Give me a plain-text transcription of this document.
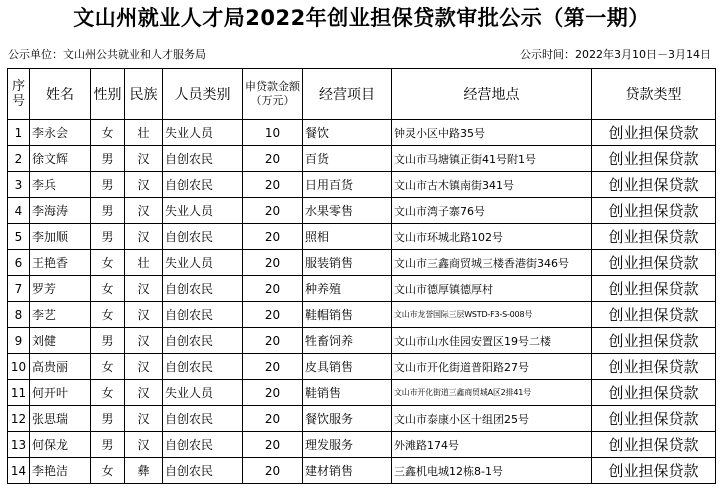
文山州就业人才局2022年创业担保贷款审批公示（第一期）
公示单位：文山州公共就业和人才服务局	公示时间：2022年3月10日－3月14日
序号	姓名	性别	民族	人员类别	申贷款金额（万元）	经营项目	经营地点	贷款类型
1	李永会	女	壮	失业人员	10	餐饮	钟灵小区中路35号	创业担保贷款
2	徐文辉	男	汉	自创农民	20	百货	文山市马塘镇正街41号附1号	创业担保贷款
3	李兵	男	汉	自创农民	20	日用百货	文山市古木镇南街341号	创业担保贷款
4	李海涛	男	汉	失业人员	20	水果零售	文山市湾子寨76号	创业担保贷款
5	李加顺	男	汉	自创农民	20	照相	文山市环城北路102号	创业担保贷款
6	王艳香	女	壮	失业人员	20	服装销售	文山市三鑫商贸城三楼香港街346号	创业担保贷款
7	罗芳	女	汉	自创农民	20	种养殖	文山市德厚镇德厚村	创业担保贷款
8	李艺	女	汉	自创农民	20	鞋帽销售	文山市龙誉国际三层WSTD-F3-S-008号	创业担保贷款
9	刘健	男	汉	自创农民	20	牲畜饲养	文山市山水佳园安置区19号二楼	创业担保贷款
10	高贵丽	女	汉	自创农民	20	皮具销售	文山市开化街道普阳路27号	创业担保贷款
11	何开叶	女	汉	失业人员	20	鞋销售	文山市开化街道三鑫商贸城A区2排41号	创业担保贷款
12	张思瑞	男	汉	自创农民	20	餐饮服务	文山市泰康小区十组团25号	创业担保贷款
13	何保龙	男	汉	自创农民	20	理发服务	外滩路174号	创业担保贷款
14	李艳洁	女	彝	自创农民	20	建材销售	三鑫机电城12栋8-1号	创业担保贷款
